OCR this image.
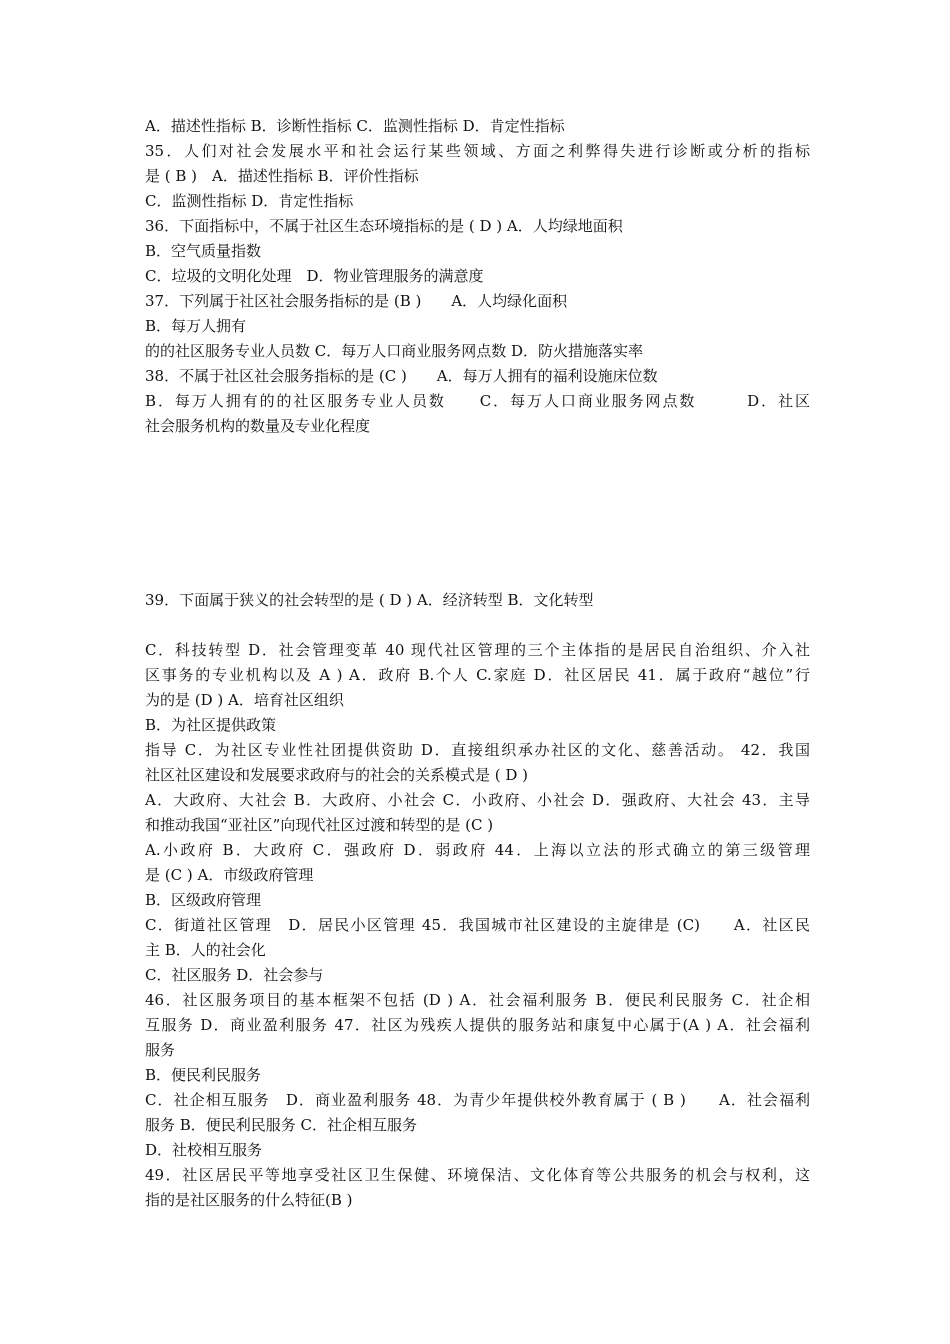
A．描述性指标 B．诊断性指标 C．监测性指标 D．肯定性指标
35．人们对社会发展水平和社会运行某些领域、方面之利弊得失进行诊断或分析的指标
是 ( B )　A．描述性指标 B．评价性指标
C．监测性指标 D．肯定性指标
36．下面指标中，不属于社区生态环境指标的是 ( D ) A．人均绿地面积
B．空气质量指数
C．垃圾的文明化处理　D．物业管理服务的满意度
37．下列属于社区社会服务指标的是 (B )　　A．人均绿化面积
B．每万人拥有
的的社区服务专业人员数 C．每万人口商业服务网点数 D．防火措施落实率
38．不属于社区社会服务指标的是 (C )　　A．每万人拥有的福利设施床位数
B．每万人拥有的的社区服务专业人员数　　C．每万人口商业服务网点数　　　D．社区
社会服务机构的数量及专业化程度
39．下面属于狭义的社会转型的是 ( D ) A．经济转型 B．文化转型
C．科技转型 D．社会管理变革 40 现代社区管理的三个主体指的是居民自治组织、介入社
区事务的专业机构以及 A ) A．政府 B.个人 C.家庭 D．社区居民 41．属于政府“越位”行
为的是 (D ) A．培育社区组织
B．为社区提供政策
指导 C．为社区专业性社团提供资助 D．直接组织承办社区的文化、慈善活动。 42．我国
社区社区建设和发展要求政府与的社会的关系模式是 ( D )
A．大政府、大社会 B．大政府、小社会 C．小政府、小社会 D．强政府、大社会 43．主导
和推动我国“亚社区”向现代社区过渡和转型的是 (C )
A.小政府 B．大政府 C．强政府 D．弱政府 44．上海以立法的形式确立的第三级管理
是 (C ) A．市级政府管理
B．区级政府管理
C．街道社区管理　D．居民小区管理 45．我国城市社区建设的主旋律是 (C)　　A．社区民
主 B．人的社会化
C．社区服务 D．社会参与
46．社区服务项目的基本框架不包括 (D ) A．社会福利服务 B．便民利民服务 C．社企相
互服务 D．商业盈利服务 47．社区为残疾人提供的服务站和康复中心属于(A ) A．社会福利
服务
B．便民利民服务
C．社企相互服务　D．商业盈利服务 48．为青少年提供校外教育属于 ( B )　　A．社会福利
服务 B．便民利民服务 C．社企相互服务
D．社校相互服务
49．社区居民平等地享受社区卫生保健、环境保洁、文化体育等公共服务的机会与权利，这
指的是社区服务的什么特征(B )
